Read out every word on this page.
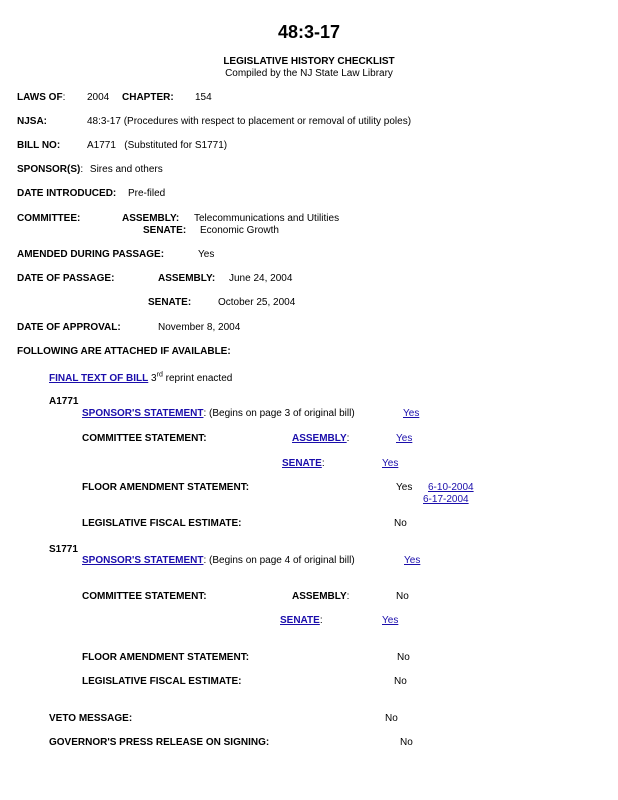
48:3-17
LEGISLATIVE HISTORY CHECKLIST
Compiled by the NJ State Law Library
LAWS OF: 2004 CHAPTER: 154
NJSA:	48:3-17 (Procedures with respect to placement or removal of utility poles)
BILL NO:	A1771   (Substituted for S1771)
SPONSOR(S): Sires and others
DATE INTRODUCED: Pre-filed
COMMITTEE:	ASSEMBLY: Telecommunications and Utilities
SENATE: Economic Growth
AMENDED DURING PASSAGE:	Yes
DATE OF PASSAGE:	ASSEMBLY: June 24, 2004
SENATE:	October 25, 2004
DATE OF APPROVAL:	November 8, 2004
FOLLOWING ARE ATTACHED IF AVAILABLE:
FINAL TEXT OF BILL 3rd reprint enacted
A1771
SPONSOR'S STATEMENT: (Begins on page 3 of original bill)	Yes
COMMITTEE STATEMENT:	ASSEMBLY:	Yes
SENATE:	Yes
FLOOR AMENDMENT STATEMENT:	Yes 6-10-2004
6-17-2004
LEGISLATIVE FISCAL ESTIMATE:	No
S1771
SPONSOR'S STATEMENT: (Begins on page 4 of original bill)	Yes
COMMITTEE STATEMENT:	ASSEMBLY:	No
SENATE:	Yes
FLOOR AMENDMENT STATEMENT:	No
LEGISLATIVE FISCAL ESTIMATE:	No
VETO MESSAGE:	No
GOVERNOR'S PRESS RELEASE ON SIGNING:	No
